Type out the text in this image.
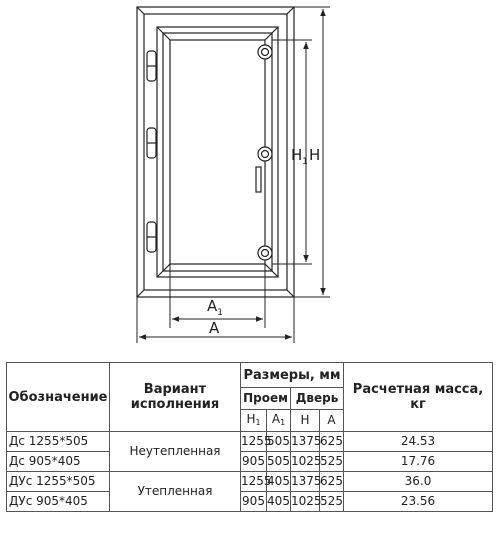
$A_1$
A
$H_1$ H
Обозначение	Вариант исполнения	Размеры, мм				Расчетная масса, кг
		Проем		Дверь		
		$H_1$	$A_1$	H	A	
Дс 1255*505	Неутепленная	1255	505	1375	625	24.53
Дс 905*405		905	505	1025	525	17.76
ДУс 1255*505	Утепленная	1255	405	1375	625	36.0
ДУс 905*405		905	405	1025	525	23.56
